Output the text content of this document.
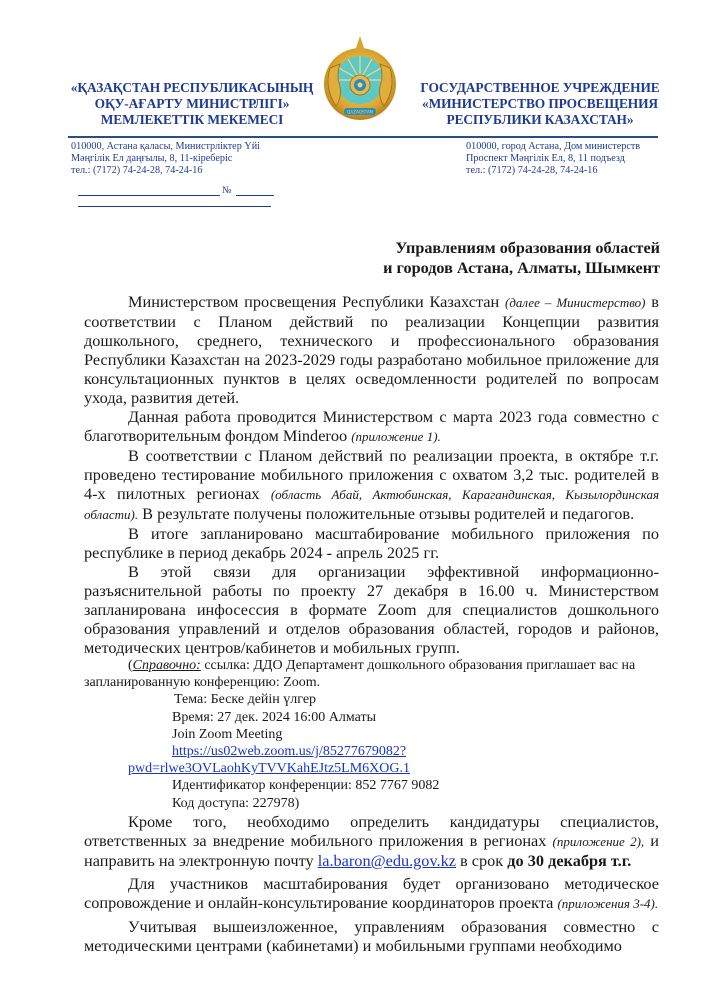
«ҚАЗАҚСТАН РЕСПУБЛИКАСЫНЫҢ
ОҚУ-АҒАРТУ МИНИСТРЛІГІ»
МЕМЛЕКЕТТІК МЕКЕМЕСІ	QAZAQSTAN
ГОСУДАРСТВЕННОЕ УЧРЕЖДЕНИЕ
«МИНИСТЕРСТВО ПРОСВЕЩЕНИЯ
РЕСПУБЛИКИ КАЗАХСТАН»
010000, Астана қаласы, Министрліктер Үйі
Мәңгілік Ел даңғылы, 8, 11-кіреберіс
тел.: (7172) 74-24-28, 74-24-16
010000, город Астана, Дом министерств
Проспект Мәңгілік Ел, 8, 11 подъезд
тел.: (7172) 74-24-28, 74-24-16
№
Управлениям образования областей
и городов Астана, Алматы, Шымкент

Министерством просвещения Республики Казахстан (далее – Министерство) в соответствии с Планом действий по реализации Концепции развития дошкольного, среднего, технического и профессионального образования Республики Казахстан на 2023-2029 годы разработано мобильное приложение для консультационных пунктов в целях осведомленности родителей по вопросам ухода, развития детей.

Данная работа проводится Министерством с марта 2023 года совместно с благотворительным фондом Minderoo (приложение 1).

В соответствии с Планом действий по реализации проекта, в октябре т.г. проведено тестирование мобильного приложения с охватом 3,2 тыс. родителей в 4-х пилотных регионах (область Абай, Актюбинская, Карагандинская, Кызылординская области). В результате получены положительные отзывы родителей и педагогов.

В итоге запланировано масштабирование мобильного приложения по республике в период декабрь 2024 - апрель 2025 гг.

В этой связи для организации эффективной информационно-разъяснительной работы по проекту 27 декабря в 16.00 ч. Министерством запланирована инфосессия в формате Zoom для специалистов дошкольного образования управлений и отделов образования областей, городов и районов, методических центров/кабинетов и мобильных групп.

(Справочно: ссылка: ДДО Департамент дошкольного образования приглашает вас на запланированную конференцию: Zoom.

Тема: Беске дейін үлгер

Время: 27 дек. 2024 16:00 Алматы

Join Zoom Meeting

https://us02web.zoom.us/j/85277679082?pwd=rlwe3OVLaohKyTVVKahEJtz5LM6XOG.1

Идентификатор конференции: 852 7767 9082

Код доступа: 227978)

Кроме того, необходимо определить кандидатуры специалистов, ответственных за внедрение мобильного приложения в регионах (приложение 2), и направить на электронную почту la.baron@edu.gov.kz в срок до 30 декабря т.г.

Для участников масштабирования будет организовано методическое сопровождение и онлайн-консультирование координаторов проекта (приложения 3-4).

Учитывая вышеизложенное, управлениям образования совместно с методическими центрами (кабинетами) и мобильными группами необходимо
